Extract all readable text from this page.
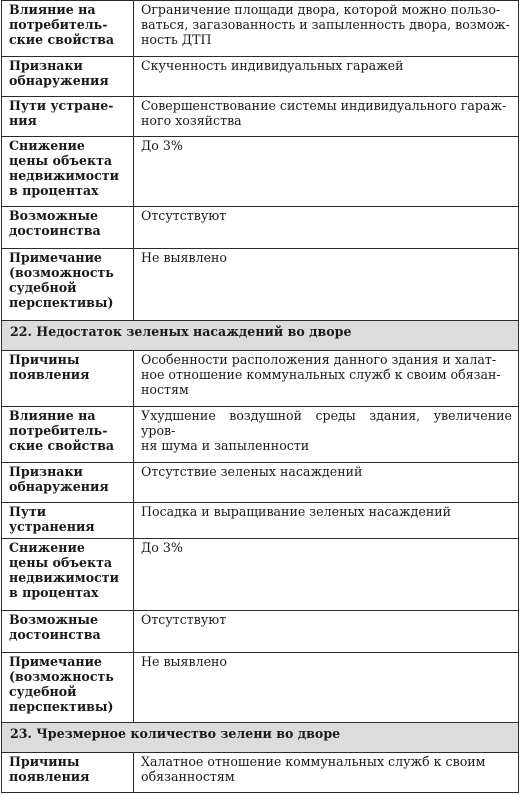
Влияние на
потребитель-
ские свойства	Ограничение площади двора, которой можно пользо-
ваться, загазованность и запыленность двора, возмож-
ность ДТП

Признаки
обнаружения	Скученность индивидуальных гаражей

Пути устране-
ния	Совершенствование системы индивидуального гараж-
ного хозяйства

Снижение
цены объекта
недвижимости
в процентах	До 3%

Возможные
достоинства	Отсутствуют

Примечание
(возможность
судебной
перспективы)	Не выявлено

22. Недостаток зеленых насаждений во дворе	

Причины
появления	Особенности расположения данного здания и халат-
ное отношение коммунальных служб к своим обязан-
ностям

Влияние на
потребитель-
ские свойства	Ухудшение воздушной среды здания, увеличение уров-
ня шума и запыленности

Признаки
обнаружения	Отсутствие зеленых насаждений

Пути устранения	Посадка и выращивание зеленых насаждений

Снижение
цены объекта
недвижимости
в процентах	До 3%

Возможные
достоинства	Отсутствуют

Примечание
(возможность
судебной
перспективы)	Не выявлено

23. Чрезмерное количество зелени во дворе	

Причины
появления	Халатное отношение коммунальных служб к своим
обязанностям
